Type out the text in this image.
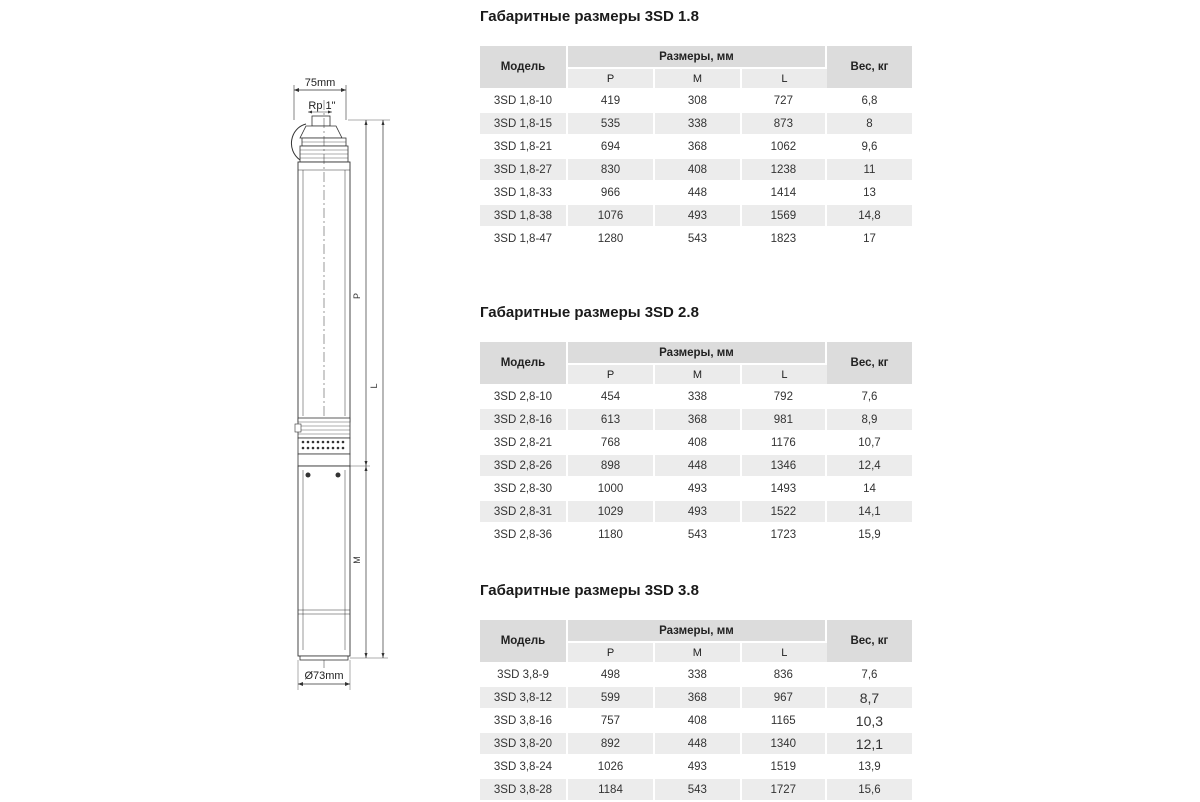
75mm
Rp 1"
P
L
M
Ø73mm
Габаритные размеры 3SD 1.8
Модель	Размеры, мм			Вес, кг
	P	M	L	
3SD 1,8-10	419	308	727	6,8
3SD 1,8-15	535	338	873	8
3SD 1,8-21	694	368	1062	9,6
3SD 1,8-27	830	408	1238	11
3SD 1,8-33	966	448	1414	13
3SD 1,8-38	1076	493	1569	14,8
3SD 1,8-47	1280	543	1823	17
Габаритные размеры 3SD 2.8
Модель	Размеры, мм			Вес, кг
	P	M	L	
3SD 2,8-10	454	338	792	7,6
3SD 2,8-16	613	368	981	8,9
3SD 2,8-21	768	408	1176	10,7
3SD 2,8-26	898	448	1346	12,4
3SD 2,8-30	1000	493	1493	14
3SD 2,8-31	1029	493	1522	14,1
3SD 2,8-36	1180	543	1723	15,9
Габаритные размеры 3SD 3.8
Модель	Размеры, мм			Вес, кг
	P	M	L	
3SD 3,8-9	498	338	836	7,6
3SD 3,8-12	599	368	967	8,7
3SD 3,8-16	757	408	1165	10,3
3SD 3,8-20	892	448	1340	12,1
3SD 3,8-24	1026	493	1519	13,9
3SD 3,8-28	1184	543	1727	15,6
